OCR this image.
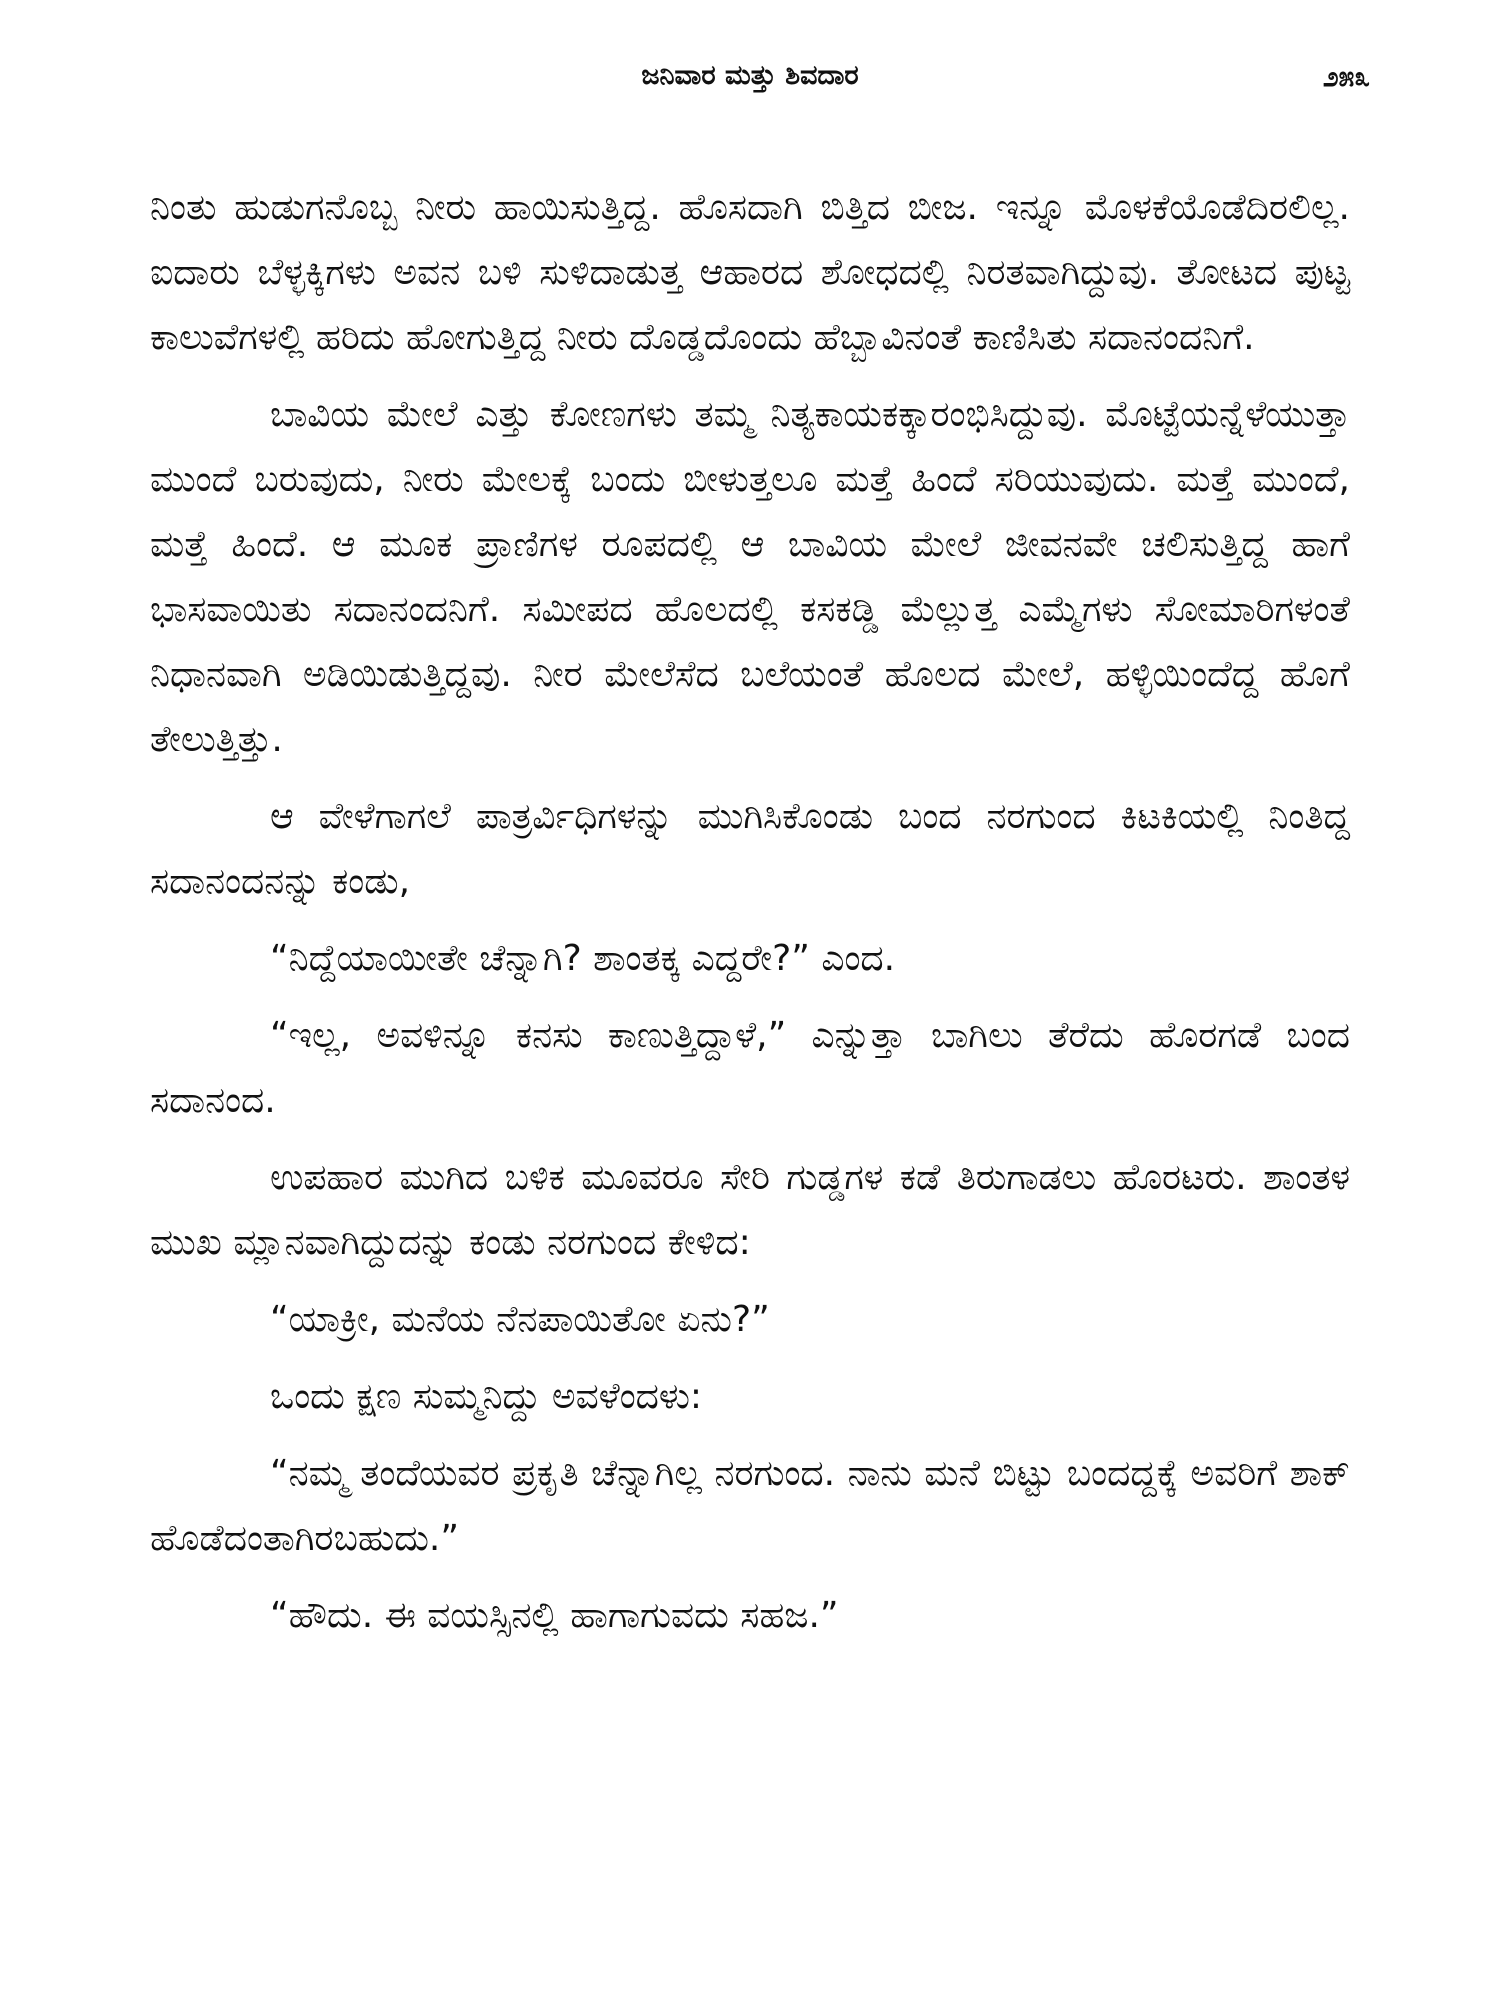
ಜನಿವಾರ ಮತ್ತು ಶಿವದಾರ	೨೫೩

ನಿಂತು ಹುಡುಗನೊಬ್ಬ ನೀರು ಹಾಯಿಸುತ್ತಿದ್ದ. ಹೊಸದಾಗಿ ಬಿತ್ತಿದ ಬೀಜ. ಇನ್ನೂ ಮೊಳಕೆಯೊಡೆದಿರಲಿಲ್ಲ. ಐದಾರು ಬೆಳ್ಳಕ್ಕಿಗಳು ಅವನ ಬಳಿ ಸುಳಿದಾಡುತ್ತ ಆಹಾರದ ಶೋಧದಲ್ಲಿ ನಿರತವಾಗಿದ್ದುವು. ತೋಟದ ಪುಟ್ಟ ಕಾಲುವೆಗಳಲ್ಲಿ ಹರಿದು ಹೋಗುತ್ತಿದ್ದ ನೀರು ದೊಡ್ಡದೊಂದು ಹೆಬ್ಬಾವಿನಂತೆ ಕಾಣಿಸಿತು ಸದಾನಂದನಿಗೆ.

ಬಾವಿಯ ಮೇಲೆ ಎತ್ತು ಕೋಣಗಳು ತಮ್ಮ ನಿತ್ಯಕಾಯಕಕ್ಕಾರಂಭಿಸಿದ್ದುವು. ಮೊಟ್ಟೆಯನ್ನೆಳೆಯುತ್ತಾ ಮುಂದೆ ಬರುವುದು, ನೀರು ಮೇಲಕ್ಕೆ ಬಂದು ಬೀಳುತ್ತಲೂ ಮತ್ತೆ ಹಿಂದೆ ಸರಿಯುವುದು. ಮತ್ತೆ ಮುಂದೆ, ಮತ್ತೆ ಹಿಂದೆ. ಆ ಮೂಕ ಪ್ರಾಣಿಗಳ ರೂಪದಲ್ಲಿ ಆ ಬಾವಿಯ ಮೇಲೆ ಜೀವನವೇ ಚಲಿಸುತ್ತಿದ್ದ ಹಾಗೆ ಭಾಸವಾಯಿತು ಸದಾನಂದನಿಗೆ. ಸಮೀಪದ ಹೊಲದಲ್ಲಿ ಕಸಕಡ್ಡಿ ಮೆಲ್ಲುತ್ತ ಎಮ್ಮೆಗಳು ಸೋಮಾರಿಗಳಂತೆ ನಿಧಾನವಾಗಿ ಅಡಿಯಿಡುತ್ತಿದ್ದವು. ನೀರ ಮೇಲೆಸೆದ ಬಲೆಯಂತೆ ಹೊಲದ ಮೇಲೆ, ಹಳ್ಳಿಯಿಂದೆದ್ದ ಹೊಗೆ ತೇಲುತ್ತಿತ್ತು.

ಆ ವೇಳೆಗಾಗಲೆ ಪಾತ್ರರ್ವಿಧಿಗಳನ್ನು ಮುಗಿಸಿಕೊಂಡು ಬಂದ ನರಗುಂದ ಕಿಟಕಿಯಲ್ಲಿ ನಿಂತಿದ್ದ ಸದಾನಂದನನ್ನು ಕಂಡು,

“ನಿದ್ದೆಯಾಯೀತೇ ಚೆನ್ನಾಗಿ? ಶಾಂತಕ್ಕ ಎದ್ದರೇ?” ಎಂದ.

“ಇಲ್ಲ, ಅವಳಿನ್ನೂ ಕನಸು ಕಾಣುತ್ತಿದ್ದಾಳೆ,” ಎನ್ನುತ್ತಾ ಬಾಗಿಲು ತೆರೆದು ಹೊರಗಡೆ ಬಂದ ಸದಾನಂದ.

ಉಪಹಾರ ಮುಗಿದ ಬಳಿಕ ಮೂವರೂ ಸೇರಿ ಗುಡ್ಡಗಳ ಕಡೆ ತಿರುಗಾಡಲು ಹೊರಟರು. ಶಾಂತಳ ಮುಖ ಮ್ಲಾನವಾಗಿದ್ದುದನ್ನು ಕಂಡು ನರಗುಂದ ಕೇಳಿದ:

“ಯಾಕ್ರೀ, ಮನೆಯ ನೆನಪಾಯಿತೋ ಏನು?”

ಒಂದು ಕ್ಷಣ ಸುಮ್ಮನಿದ್ದು ಅವಳೆಂದಳು:

“ನಮ್ಮ ತಂದೆಯವರ ಪ್ರಕೃತಿ ಚೆನ್ನಾಗಿಲ್ಲ ನರಗುಂದ. ನಾನು ಮನೆ ಬಿಟ್ಟು ಬಂದದ್ದಕ್ಕೆ ಅವರಿಗೆ ಶಾಕ್ ಹೊಡೆದಂತಾಗಿರಬಹುದು.”

“ಹೌದು. ಈ ವಯಸ್ಸಿನಲ್ಲಿ ಹಾಗಾಗುವದು ಸಹಜ.”
